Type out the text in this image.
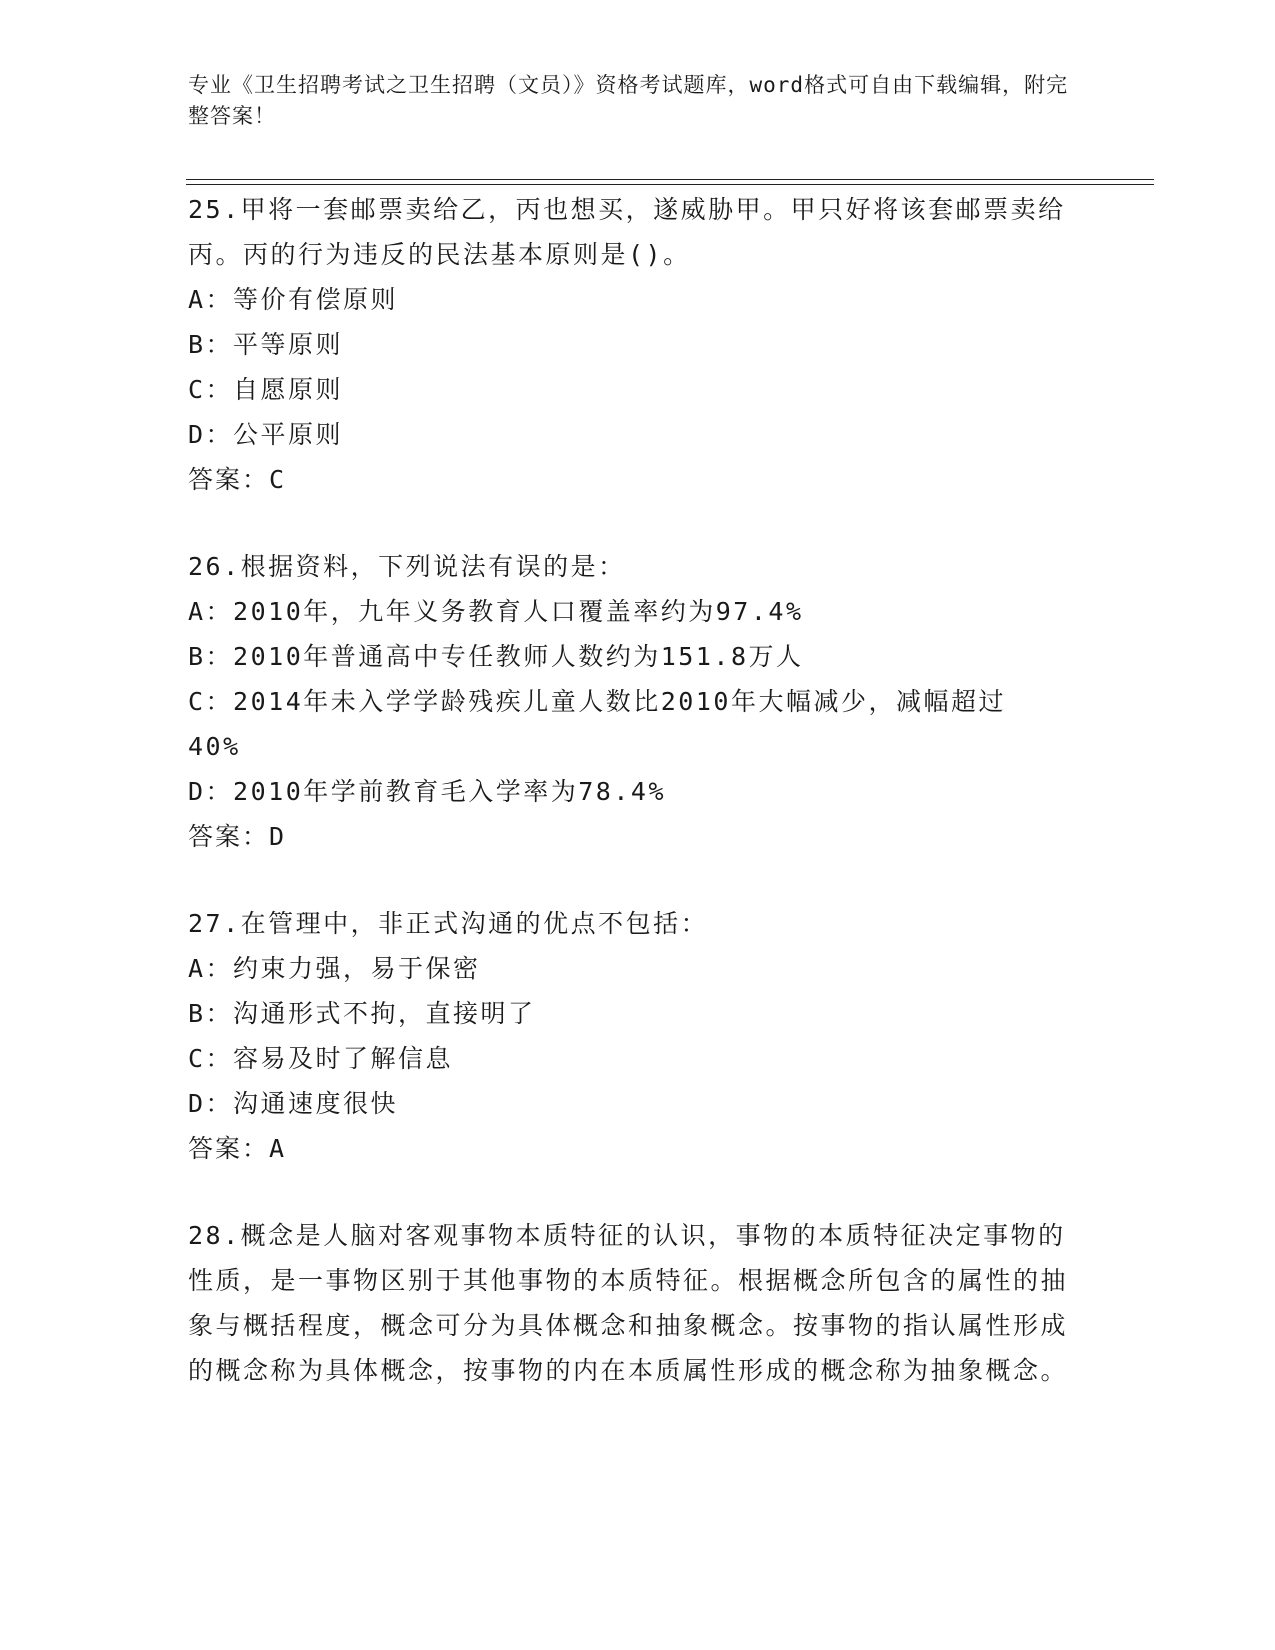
专业《卫生招聘考试之卫生招聘（文员）》资格考试题库，word格式可自由下载编辑，附完整答案！

25.甲将一套邮票卖给乙，丙也想买，遂威胁甲。甲只好将该套邮票卖给丙。丙的行为违反的民法基本原则是()。

A：等价有偿原则

B：平等原则

C：自愿原则

D：公平原则

答案：C

26.根据资料，下列说法有误的是：

A：2010年，九年义务教育人口覆盖率约为97.4%

B：2010年普通高中专任教师人数约为151.8万人

C：2014年未入学学龄残疾儿童人数比2010年大幅减少，减幅超过40%

D：2010年学前教育毛入学率为78.4%

答案：D

27.在管理中，非正式沟通的优点不包括：

A：约束力强，易于保密

B：沟通形式不拘，直接明了

C：容易及时了解信息

D：沟通速度很快

答案：A

28.概念是人脑对客观事物本质特征的认识，事物的本质特征决定事物的性质，是一事物区别于其他事物的本质特征。根据概念所包含的属性的抽象与概括程度，概念可分为具体概念和抽象概念。按事物的指认属性形成的概念称为具体概念，按事物的内在本质属性形成的概念称为抽象概念。
